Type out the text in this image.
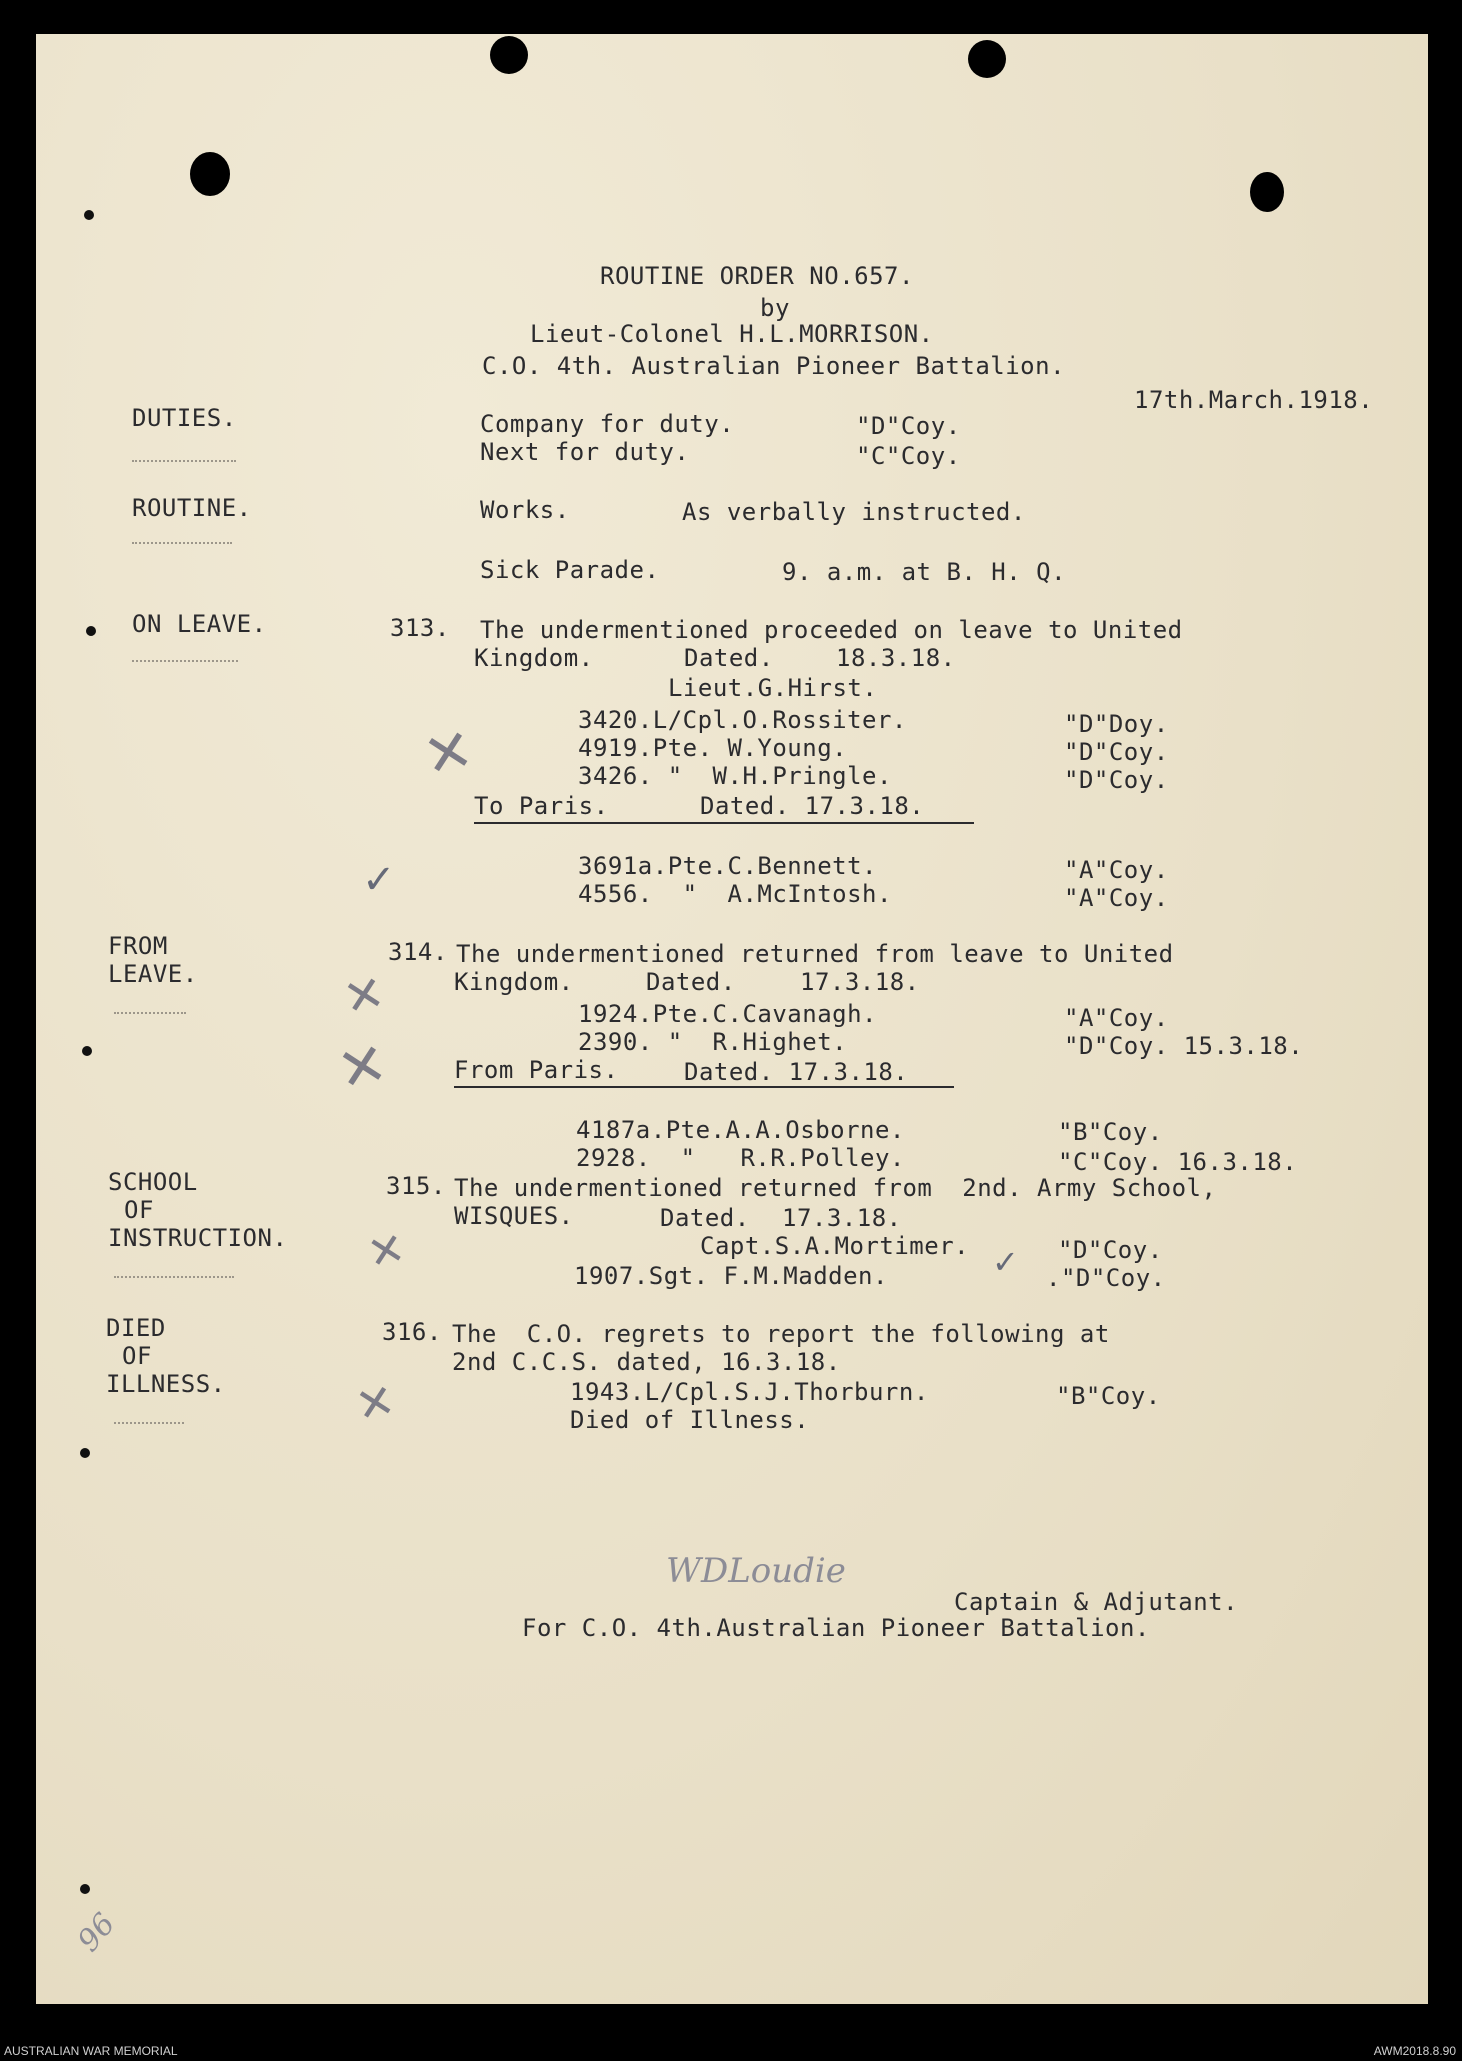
ROUTINE ORDER NO.657.
by
Lieut-Colonel H.L.MORRISON.
C.O. 4th. Australian Pioneer Battalion.
17th.March.1918.
DUTIES.	Company for duty.	"D"Coy.
Next for duty.	"C"Coy.
ROUTINE.	Works.	As verbally instructed.
Sick Parade.	9. a.m. at B. H. Q.
ON LEAVE.	313. The undermentioned proceeded on leave to United
Kingdom.	Dated.	18.3.18.
Lieut.G.Hirst.
3420.L/Cpl.O.Rossiter.	"D"Doy.
4919.Pte. W.Young.	"D"Coy.
3426. "  W.H.Pringle.	"D"Coy.
To Paris.	Dated. 17.3.18.
✕
3691a.Pte.C.Bennett.	"A"Coy.
4556.  "  A.McIntosh.	"A"Coy.
✓
FROM
LEAVE.
314. The undermentioned returned from leave to United
Kingdom.	Dated.	17.3.18.
1924.Pte.C.Cavanagh.	"A"Coy.
2390. "  R.Highet.	"D"Coy. 15.3.18.
From Paris.	Dated. 17.3.18.
✕
✕
4187a.Pte.A.A.Osborne.	"B"Coy.
2928.  "   R.R.Polley.	"C"Coy. 16.3.18.
SCHOOL
OF
INSTRUCTION.
315. The undermentioned returned from  2nd. Army School,
WISQUES.	Dated. 17.3.18.
Capt.S.A.Mortimer.	"D"Coy.
1907.Sgt. F.M.Madden.	."D"Coy.
✕	✓
DIED
OF
ILLNESS.
316. The  C.O. regrets to report the following at
2nd C.C.S. dated, 16.3.18.
1943.L/Cpl.S.J.Thorburn.	"B"Coy.
Died of Illness.
✕
WDLoudie
Captain & Adjutant.
For C.O. 4th.Australian Pioneer Battalion.
96
AUSTRALIAN WAR MEMORIAL	AWM2018.8.90
